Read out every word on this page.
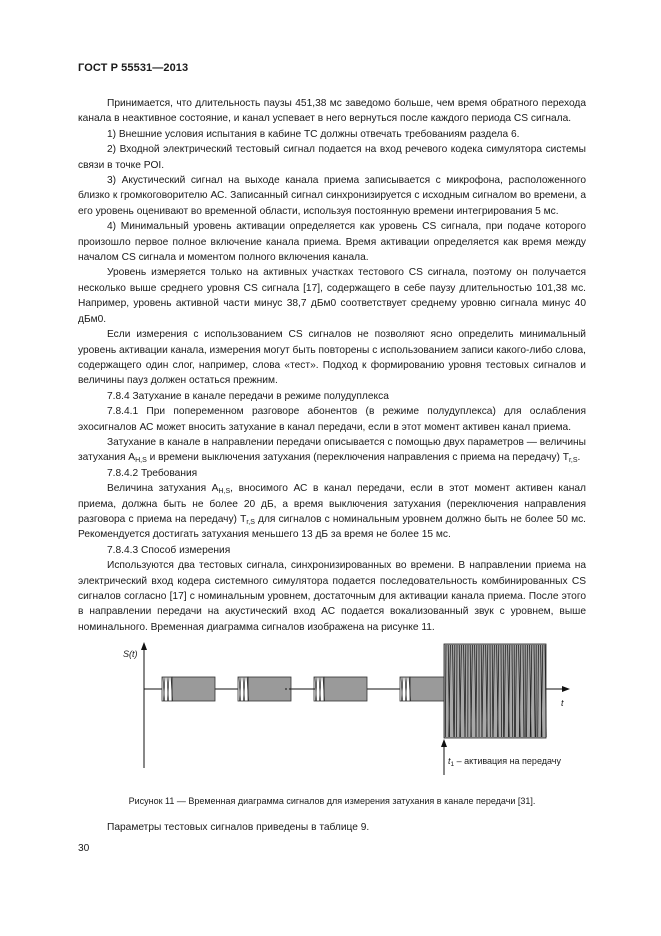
ГОСТ Р 55531—2013

Принимается, что длительность паузы 451,38 мс заведомо больше, чем время обратного перехода канала в неактивное состояние, и канал успевает в него вернуться после каждого периода CS сигнала.

1) Внешние условия испытания в кабине ТС должны отвечать требованиям раздела 6.

2) Входной электрический тестовый сигнал подается на вход речевого кодека симулятора системы связи в точке POI.

3) Акустический сигнал на выходе канала приема записывается с микрофона, расположенного близко к громкоговорителю АС. Записанный сигнал синхронизируется с исходным сигналом во времени, а его уровень оценивают во временной области, используя постоянную времени интегрирования 5 мс.

4) Минимальный уровень активации определяется как уровень CS сигнала, при подаче которого произошло первое полное включение канала приема. Время активации определяется как время между началом CS сигнала и моментом полного включения канала.

Уровень измеряется только на активных участках тестового CS сигнала, поэтому он получается несколько выше среднего уровня CS сигнала [17], содержащего в себе паузу длительностью 101,38 мс. Например, уровень активной части минус 38,7 дБм0 соответствует среднему уровню сигнала минус 40 дБм0.

Если измерения с использованием CS сигналов не позволяют ясно определить минимальный уровень активации канала, измерения могут быть повторены с использованием записи какого-либо слова, содержащего один слог, например, слова «тест». Подход к формированию уровня тестовых сигналов и величины пауз должен остаться прежним.

7.8.4 Затухание в канале передачи в режиме полудуплекса

7.8.4.1 При попеременном разговоре абонентов (в режиме полудуплекса) для ослабления эхосигналов АС может вносить затухание в канал передачи, если в этот момент активен канал приема.

Затухание в канале в направлении передачи описывается с помощью двух параметров — величины затухания $А_{H,S}$ и времени выключения затухания (переключения направления с приема на передачу) $Т_{r,S}$.

7.8.4.2 Требования

Величина затухания $А_{H,S}$, вносимого АС в канал передачи, если в этот момент активен канал приема, должна быть не более 20 дБ, а время выключения затухания (переключения направления разговора с приема на передачу) $Т_{r,S}$ для сигналов с номинальным уровнем должно быть не более 50 мс. Рекомендуется достигать затухания меньшего 13 дБ за время не более 15 мс.

7.8.4.3 Способ измерения

Используются два тестовых сигнала, синхронизированных во времени. В направлении приема на электрический вход кодера системного симулятора подается последовательность комбинированных CS сигналов согласно [17] с номинальным уровнем, достаточным для активации канала приема. После этого в направлении передачи на акустический вход АС подается вокализованный звук с уровнем, выше номинального. Временная диаграмма сигналов изображена на рисунке 11.

S(t)
t
$t_1$ – активация на передачу
Рисунок 11 — Временная диаграмма сигналов для измерения затухания в канале передачи [31].
Параметры тестовых сигналов приведены в таблице 9.
30
